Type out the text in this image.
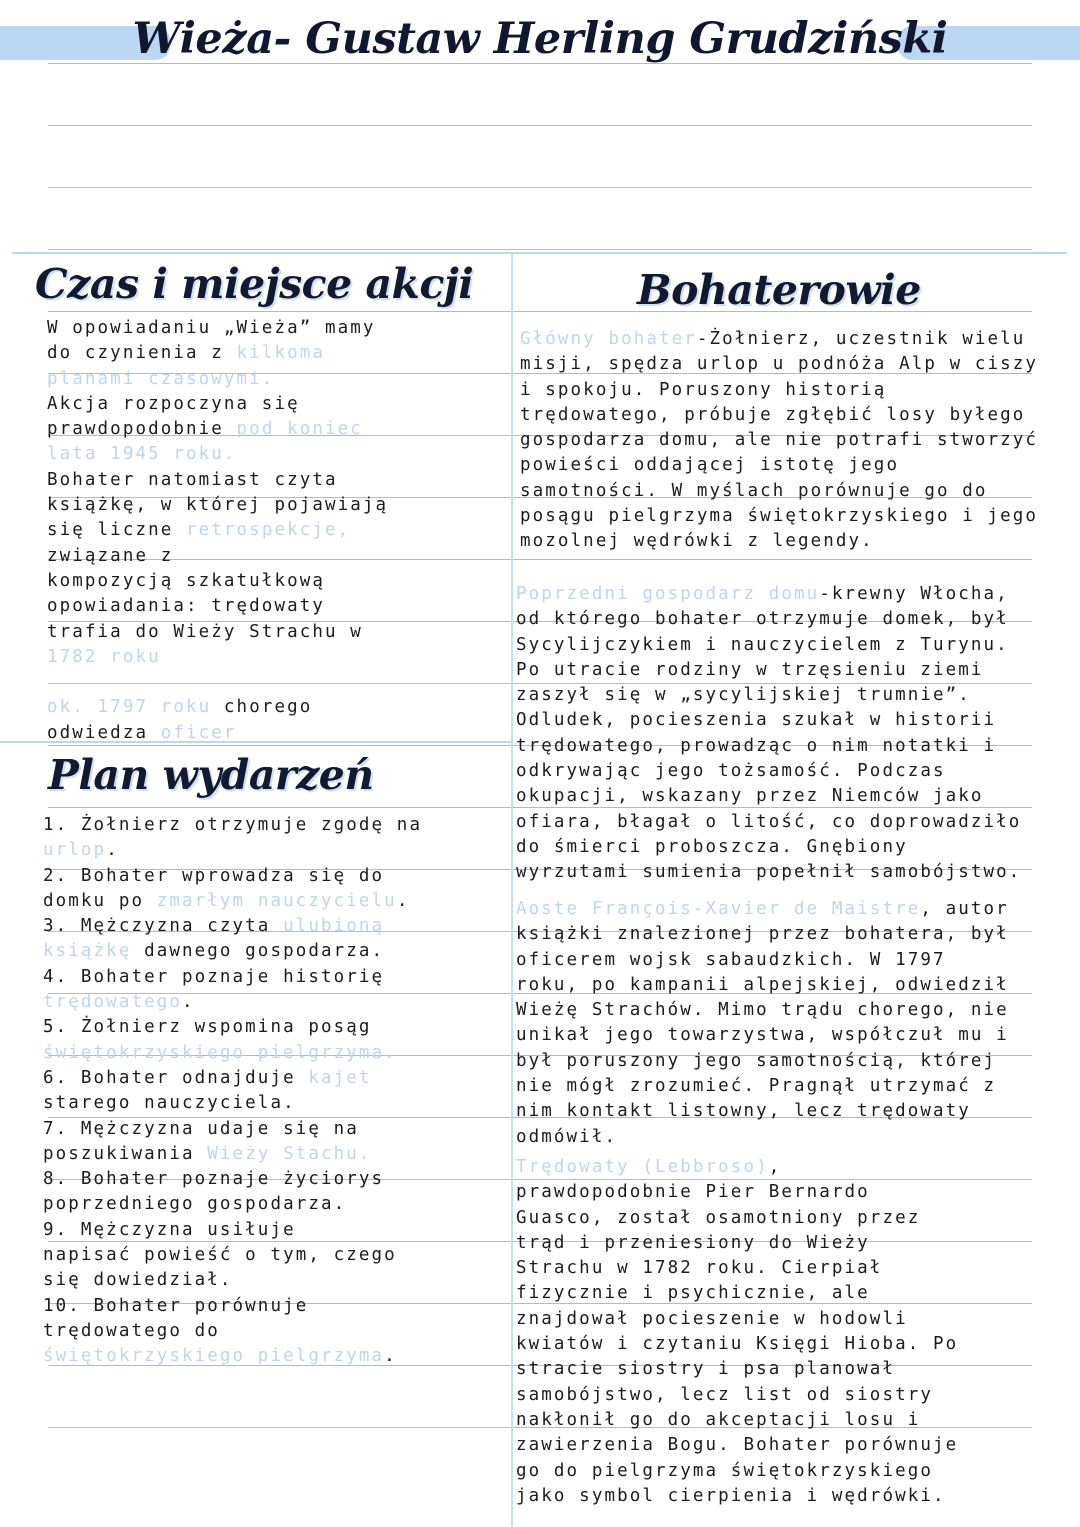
Wieża- Gustaw Herling Grudziński
Czas i miejsce akcji	Bohaterowie
Plan wydarzeń

W opowiadaniu „Wieża” mamy

do czynienia z kilkoma

planami czasowymi.

Akcja rozpoczyna się

prawdopodobnie pod koniec

lata 1945 roku.

Bohater natomiast czyta

książkę, w której pojawiają

się liczne retrospekcje,

związane z

kompozycją szkatułkową

opowiadania: trędowaty

trafia do Wieży Strachu w

1782 roku

ok. 1797 roku chorego

odwiedza oficer

1. Żołnierz otrzymuje zgodę na

urlop.

2. Bohater wprowadza się do

domku po zmarłym nauczycielu.

3. Mężczyzna czyta ulubioną

książkę dawnego gospodarza.

4. Bohater poznaje historię

trędowatego.

5. Żołnierz wspomina posąg

świętokrzyskiego pielgrzyma.

6. Bohater odnajduje kajet

starego nauczyciela.

7. Mężczyzna udaje się na

poszukiwania Wieży Stachu.

8. Bohater poznaje życiorys

poprzedniego gospodarza.

9. Mężczyzna usiłuje

napisać powieść o tym, czego

się dowiedział.

10. Bohater porównuje

trędowatego do

świętokrzyskiego pielgrzyma.

Główny bohater-Żołnierz, uczestnik wielu

misji, spędza urlop u podnóża Alp w ciszy

i spokoju. Poruszony historią

trędowatego, próbuje zgłębić losy byłego

gospodarza domu, ale nie potrafi stworzyć

powieści oddającej istotę jego

samotności. W myślach porównuje go do

posągu pielgrzyma świętokrzyskiego i jego

mozolnej wędrówki z legendy.

Poprzedni gospodarz domu-krewny Włocha,

od którego bohater otrzymuje domek, był

Sycylijczykiem i nauczycielem z Turynu.

Po utracie rodziny w trzęsieniu ziemi

zaszył się w „sycylijskiej trumnie”.

Odludek, pocieszenia szukał w historii

trędowatego, prowadząc o nim notatki i

odkrywając jego tożsamość. Podczas

okupacji, wskazany przez Niemców jako

ofiara, błagał o litość, co doprowadziło

do śmierci proboszcza. Gnębiony

wyrzutami sumienia popełnił samobójstwo.

Aoste François-Xavier de Maistre, autor

książki znalezionej przez bohatera, był

oficerem wojsk sabaudzkich. W 1797

roku, po kampanii alpejskiej, odwiedził

Wieżę Strachów. Mimo trądu chorego, nie

unikał jego towarzystwa, współczuł mu i

był poruszony jego samotnością, której

nie mógł zrozumieć. Pragnął utrzymać z

nim kontakt listowny, lecz trędowaty

odmówił.

Trędowaty (Lebbroso),

prawdopodobnie Pier Bernardo

Guasco, został osamotniony przez

trąd i przeniesiony do Wieży

Strachu w 1782 roku. Cierpiał

fizycznie i psychicznie, ale

znajdował pocieszenie w hodowli

kwiatów i czytaniu Księgi Hioba. Po

stracie siostry i psa planował

samobójstwo, lecz list od siostry

nakłonił go do akceptacji losu i

zawierzenia Bogu. Bohater porównuje

go do pielgrzyma świętokrzyskiego

jako symbol cierpienia i wędrówki.
